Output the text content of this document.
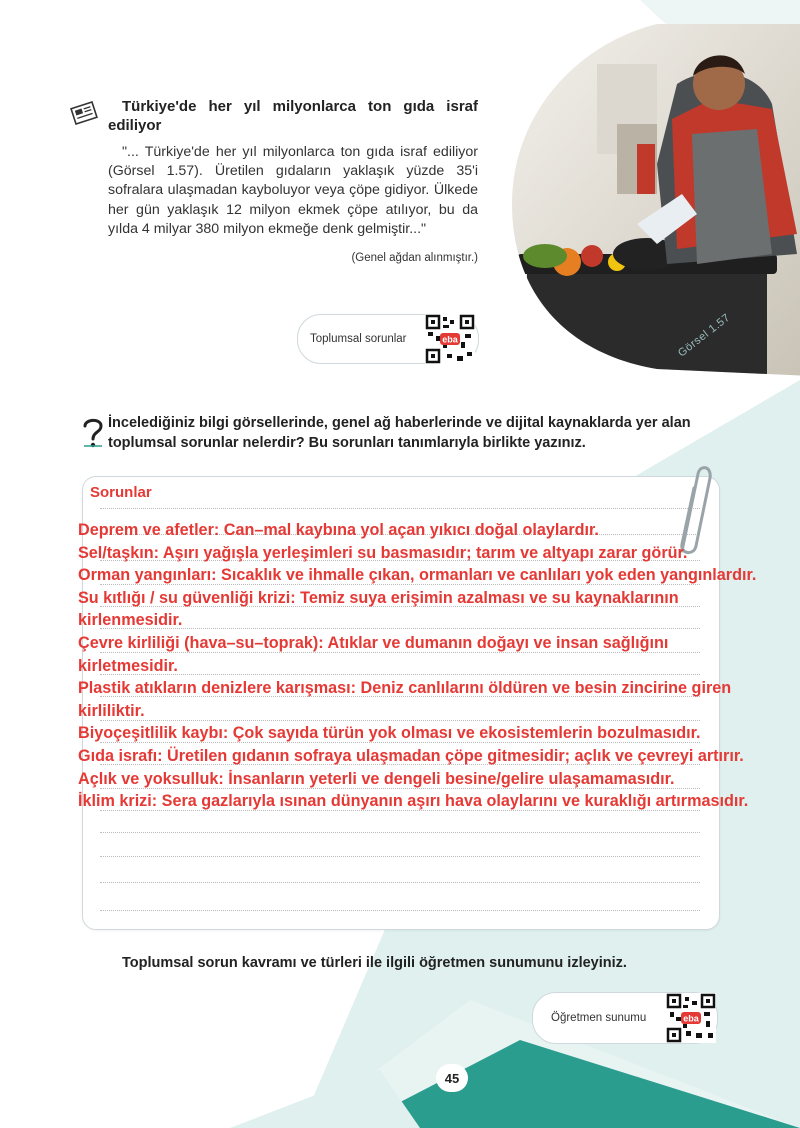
Türkiye'de her yıl milyonlarca ton gıda israf ediliyor
"... Türkiye'de her yıl milyonlarca ton gıda israf ediliyor (Görsel 1.57). Üretilen gıdaların yaklaşık yüzde 35'i sofralara ulaşmadan kayboluyor veya çöpe gidiyor. Ülkede her gün yaklaşık 12 milyon ekmek çöpe atılıyor, bu da yılda 4 milyar 380 milyon ekmeğe denk gelmiştir..."
(Genel ağdan alınmıştır.)
Toplumsal sorunlar	eba	Görsel 1.57
İncelediğiniz bilgi görsellerinde, genel ağ haberlerinde ve dijital kaynaklarda yer alan toplumsal sorunlar nelerdir? Bu sorunları tanımlarıyla birlikte yazınız.
Sorunlar
Deprem ve afetler: Can–mal kaybına yol açan yıkıcı doğal olaylardır.
Sel/taşkın: Aşırı yağışla yerleşimleri su basmasıdır; tarım ve altyapı zarar görür.
Orman yangınları: Sıcaklık ve ihmalle çıkan, ormanları ve canlıları yok eden yangınlardır.
Su kıtlığı / su güvenliği krizi: Temiz suya erişimin azalması ve su kaynaklarının kirlenmesidir.
Çevre kirliliği (hava–su–toprak): Atıklar ve dumanın doğayı ve insan sağlığını kirletmesidir.
Plastik atıkların denizlere karışması: Deniz canlılarını öldüren ve besin zincirine giren kirliliktir.
Biyoçeşitlilik kaybı: Çok sayıda türün yok olması ve ekosistemlerin bozulmasıdır.
Gıda israfı: Üretilen gıdanın sofraya ulaşmadan çöpe gitmesidir; açlık ve çevreyi artırır.
Açlık ve yoksulluk: İnsanların yeterli ve dengeli besine/gelire ulaşamamasıdır.
İklim krizi: Sera gazlarıyla ısınan dünyanın aşırı hava olaylarını ve kuraklığı artırmasıdır.
Toplumsal sorun kavramı ve türleri ile ilgili öğretmen sunumunu izleyiniz.
Öğretmen sunumu	eba
45
